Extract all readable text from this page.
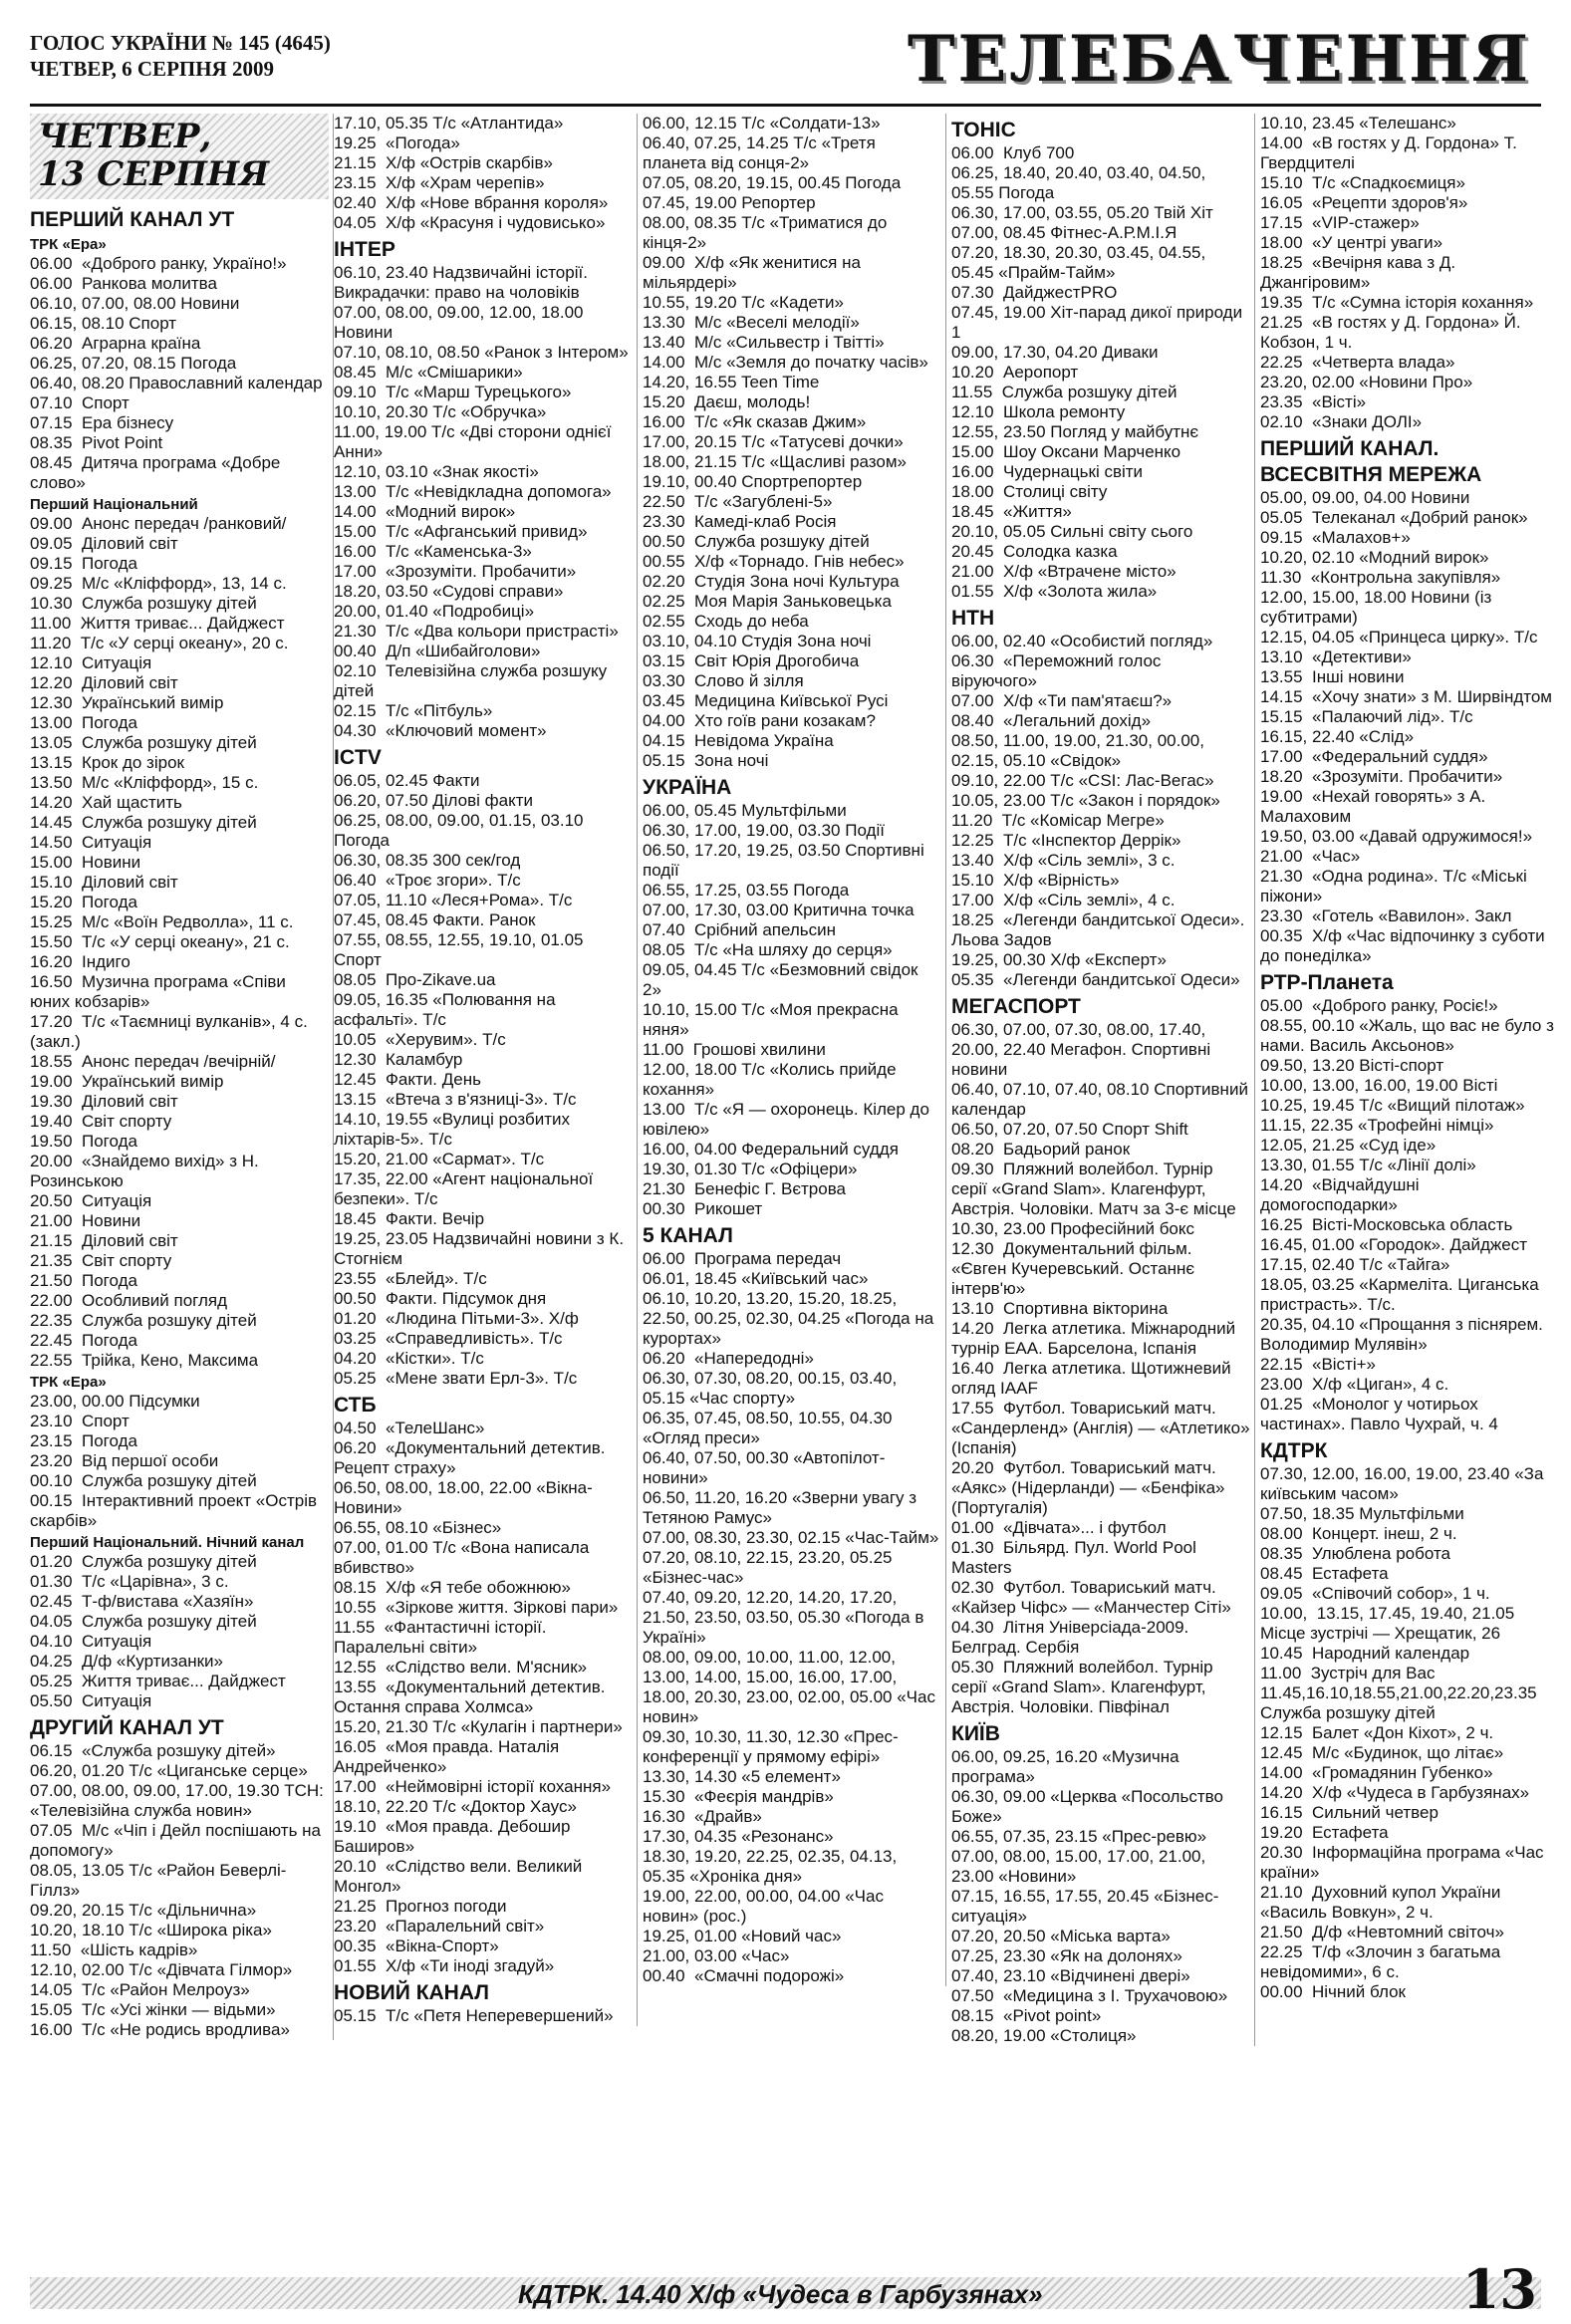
ГОЛОС УКРАЇНИ № 145 (4645)
ЧЕТВЕР, 6 СЕРПНЯ 2009	ТЕЛЕБАЧЕННЯ
ЧЕТВЕР,
13 СЕРПНЯ
ПЕРШИЙ КАНАЛ УТ
ТРК «Ера»
06.00  «Доброго ранку, Україно!»
06.00  Ранкова молитва
06.10, 07.00, 08.00 Новини
06.15, 08.10 Спорт
06.20  Аграрна країна
06.25, 07.20, 08.15 Погода
06.40, 08.20 Православний календар
07.10  Спорт
07.15  Ера бізнесу
08.35  Pivot Point
08.45  Дитяча програма «Добре слово»
Перший Національний
09.00  Анонс передач /ранковий/
09.05  Діловий світ
09.15  Погода
09.25  М/с «Кліффорд», 13, 14 с.
10.30  Служба розшуку дітей
11.00  Життя триває... Дайджест
11.20  Т/с «У серці океану», 20 с.
12.10  Ситуація
12.20  Діловий світ
12.30  Український вимір
13.00  Погода
13.05  Служба розшуку дітей
13.15  Крок до зірок
13.50  М/с «Кліффорд», 15 с.
14.20  Хай щастить
14.45  Служба розшуку дітей
14.50  Ситуація
15.00  Новини
15.10  Діловий світ
15.20  Погода
15.25  М/с «Воїн Редволла», 11 с.
15.50  Т/с «У серці океану», 21 с.
16.20  Індиго
16.50  Музична програма «Співи юних кобзарів»
17.20  Т/с «Таємниці вулканів», 4 с. (закл.)
18.55  Анонс передач /вечірній/
19.00  Український вимір
19.30  Діловий світ
19.40  Світ спорту
19.50  Погода
20.00  «Знайдемо вихід» з Н. Розинською
20.50  Ситуація
21.00  Новини
21.15  Діловий світ
21.35  Світ спорту
21.50  Погода
22.00  Особливий погляд
22.35  Служба розшуку дітей
22.45  Погода
22.55  Трійка, Кено, Максима
ТРК «Ера»
23.00, 00.00 Підсумки
23.10  Спорт
23.15  Погода
23.20  Від першої особи
00.10  Служба розшуку дітей
00.15  Інтерактивний проект «Острів скарбів»
Перший Національний. Нічний канал
01.20  Служба розшуку дітей
01.30  Т/с «Царівна», 3 с.
02.45  Т-ф/вистава «Хазяїн»
04.05  Служба розшуку дітей
04.10  Ситуація
04.25  Д/ф «Куртизанки»
05.25  Життя триває... Дайджест
05.50  Ситуація
ДРУГИЙ КАНАЛ УТ
06.15  «Служба розшуку дітей»
06.20, 01.20 Т/с «Циганське серце»
07.00, 08.00, 09.00, 17.00, 19.30 ТСН: «Телевізійна служба новин»
07.05  М/с «Чіп і Дейл поспішають на допомогу»
08.05, 13.05 Т/с «Район Беверлі-Гіллз»
09.20, 20.15 Т/с «Дільнична»
10.20, 18.10 Т/с «Широка ріка»
11.50  «Шість кадрів»
12.10, 02.00 Т/с «Дівчата Гілмор»
14.05  Т/с «Район Мелроуз»
15.05  Т/с «Усі жінки — відьми»
16.00  Т/с «Не родись вродлива»
17.10, 05.35 Т/с «Атлантида»
19.25  «Погода»
21.15  Х/ф «Острів скарбів»
23.15  Х/ф «Храм черепів»
02.40  Х/ф «Нове вбрання короля»
04.05  Х/ф «Красуня і чудовисько»
ІНТЕР
06.10, 23.40 Надзвичайні історії. Викрадачки: право на чоловіків
07.00, 08.00, 09.00, 12.00, 18.00 Новини
07.10, 08.10, 08.50 «Ранок з Інтером»
08.45  М/с «Смішарики»
09.10  Т/с «Марш Турецького»
10.10, 20.30 Т/с «Обручка»
11.00, 19.00 Т/с «Дві сторони однієї Анни»
12.10, 03.10 «Знак якості»
13.00  Т/с «Невідкладна допомога»
14.00  «Модний вирок»
15.00  Т/с «Афганський привид»
16.00  Т/с «Каменська-3»
17.00  «Зрозуміти. Пробачити»
18.20, 03.50 «Судові справи»
20.00, 01.40 «Подробиці»
21.30  Т/с «Два кольори пристрасті»
00.40  Д/п «Шибайголови»
02.10  Телевізійна служба розшуку дітей
02.15  Т/с «Пітбуль»
04.30  «Ключовий момент»
ICTV
06.05, 02.45 Факти
06.20, 07.50 Ділові факти
06.25, 08.00, 09.00, 01.15, 03.10 Погода
06.30, 08.35 300 сек/год
06.40  «Троє згори». Т/с
07.05, 11.10 «Леся+Рома». Т/с
07.45, 08.45 Факти. Ранок
07.55, 08.55, 12.55, 19.10, 01.05 Спорт
08.05  Про-Zikave.ua
09.05, 16.35 «Полювання на асфальті». Т/с
10.05  «Херувим». Т/с
12.30  Каламбур
12.45  Факти. День
13.15  «Втеча з в'язниці-3». Т/с
14.10, 19.55 «Вулиці розбитих ліхтарів-5». Т/с
15.20, 21.00 «Сармат». Т/с
17.35, 22.00 «Агент національної безпеки». Т/с
18.45  Факти. Вечір
19.25, 23.05 Надзвичайні новини з К. Стогнієм
23.55  «Блейд». Т/с
00.50  Факти. Підсумок дня
01.20  «Людина Пітьми-3». Х/ф
03.25  «Справедливість». Т/с
04.20  «Кістки». Т/с
05.25  «Мене звати Ерл-3». Т/с
СТБ
04.50  «ТелеШанс»
06.20  «Документальний детектив. Рецепт страху»
06.50, 08.00, 18.00, 22.00 «Вікна-Новини»
06.55, 08.10 «Бізнес»
07.00, 01.00 Т/с «Вона написала вбивство»
08.15  Х/ф «Я тебе обожнюю»
10.55  «Зіркове життя. Зіркові пари»
11.55  «Фантастичні історії. Паралельні світи»
12.55  «Слідство вели. М'ясник»
13.55  «Документальний детектив. Остання справа Холмса»
15.20, 21.30 Т/с «Кулагін і партнери»
16.05  «Моя правда. Наталія Андрейченко»
17.00  «Неймовірні історії кохання»
18.10, 22.20 Т/с «Доктор Хаус»
19.10  «Моя правда. Дебошир Баширов»
20.10  «Слідство вели. Великий Монгол»
21.25  Прогноз погоди
23.20  «Паралельний світ»
00.35  «Вікна-Спорт»
01.55  Х/ф «Ти іноді згадуй»
НОВИЙ КАНАЛ
05.15  Т/с «Петя Неперевершений»
06.00, 12.15 Т/с «Солдати-13»
06.40, 07.25, 14.25 Т/с «Третя планета від сонця-2»
07.05, 08.20, 19.15, 00.45 Погода
07.45, 19.00 Репортер
08.00, 08.35 Т/с «Триматися до кінця-2»
09.00  Х/ф «Як женитися на мільярдері»
10.55, 19.20 Т/с «Кадети»
13.30  М/с «Веселі мелодії»
13.40  М/с «Сильвестр і Твітті»
14.00  М/с «Земля до початку часів»
14.20, 16.55 Teen Time
15.20  Даєш, молодь!
16.00  Т/с «Як сказав Джим»
17.00, 20.15 Т/с «Татусеві дочки»
18.00, 21.15 Т/с «Щасливі разом»
19.10, 00.40 Спортрепортер
22.50  Т/с «Загублені-5»
23.30  Камеді-клаб Росія
00.50  Служба розшуку дітей
00.55  Х/ф «Торнадо. Гнів небес»
02.20  Студія Зона ночі Культура
02.25  Моя Марія Заньковецька
02.55  Сходь до неба
03.10, 04.10 Студія Зона ночі
03.15  Світ Юрія Дрогобича
03.30  Слово й зілля
03.45  Медицина Київської Русі
04.00  Хто гоїв рани козакам?
04.15  Невідома Україна
05.15  Зона ночі
УКРАЇНА
06.00, 05.45 Мультфільми
06.30, 17.00, 19.00, 03.30 Події
06.50, 17.20, 19.25, 03.50 Спортивні події
06.55, 17.25, 03.55 Погода
07.00, 17.30, 03.00 Критична точка
07.40  Срібний апельсин
08.05  Т/с «На шляху до серця»
09.05, 04.45 Т/с «Безмовний свідок 2»
10.10, 15.00 Т/с «Моя прекрасна няня»
11.00  Грошові хвилини
12.00, 18.00 Т/с «Колись прийде кохання»
13.00  Т/с «Я — охоронець. Кілер до ювілею»
16.00, 04.00 Федеральний суддя
19.30, 01.30 Т/с «Офіцери»
21.30  Бенефіс Г. Вєтрова
00.30  Рикошет
5 КАНАЛ
06.00  Програма передач
06.01, 18.45 «Київський час»
06.10, 10.20, 13.20, 15.20, 18.25, 22.50, 00.25, 02.30, 04.25 «Погода на курортах»
06.20  «Напередодні»
06.30, 07.30, 08.20, 00.15, 03.40, 05.15 «Час спорту»
06.35, 07.45, 08.50, 10.55, 04.30 «Огляд преси»
06.40, 07.50, 00.30 «Автопілот-новини»
06.50, 11.20, 16.20 «Зверни увагу з Тетяною Рамус»
07.00, 08.30, 23.30, 02.15 «Час-Тайм»
07.20, 08.10, 22.15, 23.20, 05.25 «Бізнес-час»
07.40, 09.20, 12.20, 14.20, 17.20, 21.50, 23.50, 03.50, 05.30 «Погода в Україні»
08.00, 09.00, 10.00, 11.00, 12.00, 13.00, 14.00, 15.00, 16.00, 17.00, 18.00, 20.30, 23.00, 02.00, 05.00 «Час новин»
09.30, 10.30, 11.30, 12.30 «Прес-конференції у прямому ефірі»
13.30, 14.30 «5 елемент»
15.30  «Феєрія мандрів»
16.30  «Драйв»
17.30, 04.35 «Резонанс»
18.30, 19.20, 22.25, 02.35, 04.13, 05.35 «Хроніка дня»
19.00, 22.00, 00.00, 04.00 «Час новин» (рос.)
19.25, 01.00 «Новий час»
21.00, 03.00 «Час»
00.40  «Смачні подорожі»
ТОНІС
06.00  Клуб 700
06.25, 18.40, 20.40, 03.40, 04.50, 05.55 Погода
06.30, 17.00, 03.55, 05.20 Твій Хіт
07.00, 08.45 Фітнес-А.Р.М.І.Я
07.20, 18.30, 20.30, 03.45, 04.55, 05.45 «Прайм-Тайм»
07.30  ДайджестPRO
07.45, 19.00 Хіт-парад дикої природи 1
09.00, 17.30, 04.20 Диваки
10.20  Аеропорт
11.55  Служба розшуку дітей
12.10  Школа ремонту
12.55, 23.50 Погляд у майбутнє
15.00  Шоу Оксани Марченко
16.00  Чудернацькі світи
18.00  Столиці світу
18.45  «Життя»
20.10, 05.05 Сильні світу сього
20.45  Солодка казка
21.00  Х/ф «Втрачене місто»
01.55  Х/ф «Золота жила»
НТН
06.00, 02.40 «Особистий погляд»
06.30  «Переможний голос віруючого»
07.00  Х/ф «Ти пам'ятаєш?»
08.40  «Легальний дохід»
08.50, 11.00, 19.00, 21.30, 00.00, 02.15, 05.10 «Свідок»
09.10, 22.00 Т/с «CSI: Лас-Вегас»
10.05, 23.00 Т/с «Закон і порядок»
11.20  Т/с «Комісар Мегре»
12.25  Т/с «Інспектор Деррік»
13.40  Х/ф «Сіль землі», 3 с.
15.10  Х/ф «Вірність»
17.00  Х/ф «Сіль землі», 4 с.
18.25  «Легенди бандитської Одеси». Льова Задов
19.25, 00.30 Х/ф «Експерт»
05.35  «Легенди бандитської Одеси»
МЕГАСПОРТ
06.30, 07.00, 07.30, 08.00, 17.40, 20.00, 22.40 Мегафон. Спортивні новини
06.40, 07.10, 07.40, 08.10 Спортивний календар
06.50, 07.20, 07.50 Спорт Shift
08.20  Бадьорий ранок
09.30  Пляжний волейбол. Турнір серії «Grand Slam». Клагенфурт, Австрія. Чоловіки. Матч за 3-є місце
10.30, 23.00 Професійний бокс
12.30  Документальний фільм. «Євген Кучеревський. Останнє інтерв'ю»
13.10  Спортивна вікторина
14.20  Легка атлетика. Міжнародний турнір ЕАА. Барселона, Іспанія
16.40  Легка атлетика. Щотижневий огляд IAAF
17.55  Футбол. Товариський матч. «Сандерленд» (Англія) — «Атлетико» (Іспанія)
20.20  Футбол. Товариський матч. «Аякс» (Нідерланди) — «Бенфіка» (Португалія)
01.00  «Дівчата»... і футбол
01.30  Більярд. Пул. World Pool Masters
02.30  Футбол. Товариський матч. «Кайзер Чіфс» — «Манчестер Сіті»
04.30  Літня Універсіада-2009. Белград. Сербія
05.30  Пляжний волейбол. Турнір серії «Grand Slam». Клагенфурт, Австрія. Чоловіки. Півфінал
КИЇВ
06.00, 09.25, 16.20 «Музична програма»
06.30, 09.00 «Церква «Посольство Боже»
06.55, 07.35, 23.15 «Прес-ревю»
07.00, 08.00, 15.00, 17.00, 21.00, 23.00 «Новини»
07.15, 16.55, 17.55, 20.45 «Бізнес-ситуація»
07.20, 20.50 «Міська варта»
07.25, 23.30 «Як на долонях»
07.40, 23.10 «Відчинені двері»
07.50  «Медицина з І. Трухачовою»
08.15  «Pivot point»
08.20, 19.00 «Столиця»
10.10, 23.45 «Телешанс»
14.00  «В гостях у Д. Гордона» Т. Гвердцителі
15.10  Т/с «Спадкоємиця»
16.05  «Рецепти здоров'я»
17.15  «VIP-стажер»
18.00  «У центрі уваги»
18.25  «Вечірня кава з Д. Джангіровим»
19.35  Т/с «Сумна історія кохання»
21.25  «В гостях у Д. Гордона» Й. Кобзон, 1 ч.
22.25  «Четверта влада»
23.20, 02.00 «Новини Про»
23.35  «Вісті»
02.10  «Знаки ДОЛІ»
ПЕРШИЙ КАНАЛ. ВСЕСВІТНЯ МЕРЕЖА
05.00, 09.00, 04.00 Новини
05.05  Телеканал «Добрий ранок»
09.15  «Малахов+»
10.20, 02.10 «Модний вирок»
11.30  «Контрольна закупівля»
12.00, 15.00, 18.00 Новини (із субтитрами)
12.15, 04.05 «Принцеса цирку». Т/с
13.10  «Детективи»
13.55  Інші новини
14.15  «Хочу знати» з М. Ширвіндтом
15.15  «Палаючий лід». Т/с
16.15, 22.40 «Слід»
17.00  «Федеральний суддя»
18.20  «Зрозуміти. Пробачити»
19.00  «Нехай говорять» з А. Малаховим
19.50, 03.00 «Давай одружимося!»
21.00  «Час»
21.30  «Одна родина». Т/с «Міські піжони»
23.30  «Готель «Вавилон». Закл
00.35  Х/ф «Час відпочинку з суботи до понеділка»
РТР-Планета
05.00  «Доброго ранку, Росіє!»
08.55, 00.10 «Жаль, що вас не було з нами. Василь Аксьонов»
09.50, 13.20 Вісті-спорт
10.00, 13.00, 16.00, 19.00 Вісті
10.25, 19.45 Т/с «Вищий пілотаж»
11.15, 22.35 «Трофейні німці»
12.05, 21.25 «Суд іде»
13.30, 01.55 Т/с «Лінії долі»
14.20  «Відчайдушні домогосподарки»
16.25  Вісті-Московська область
16.45, 01.00 «Городок». Дайджест
17.15, 02.40 Т/с «Тайга»
18.05, 03.25 «Кармеліта. Циганська пристрасть». Т/с.
20.35, 04.10 «Прощання з піснярем. Володимир Мулявін»
22.15  «Вісті+»
23.00  Х/ф «Циган», 4 с.
01.25  «Монолог у чотирьох частинах». Павло Чухрай, ч. 4
КДТРК
07.30, 12.00, 16.00, 19.00, 23.40 «За київським часом»
07.50, 18.35 Мультфільми
08.00  Концерт. інеш, 2 ч.
08.35  Улюблена робота
08.45  Естафета
09.05  «Співочий собор», 1 ч.
10.00,  13.15, 17.45, 19.40, 21.05 Місце зустрічі — Хрещатик, 26
10.45  Народний календар
11.00  Зустріч для Вас
11.45,16.10,18.55,21.00,22.20,23.35 Служба розшуку дітей
12.15  Балет «Дон Кіхот», 2 ч.
12.45  М/с «Будинок, що літає»
14.00  «Громадянин Губенко»
14.20  Х/ф «Чудеса в Гарбузянах»
16.15  Сильний четвер
19.20  Естафета
20.30  Інформаційна програма «Час країни»
21.10  Духовний купол України «Василь Вовкун», 2 ч.
21.50  Д/ф «Невтомний світоч»
22.25  Т/ф «Злочин з багатьма невідомими», 6 с.
00.00  Нічний блок
КДТРК. 14.40 Х/ф «Чудеса в Гарбузянах»	13
